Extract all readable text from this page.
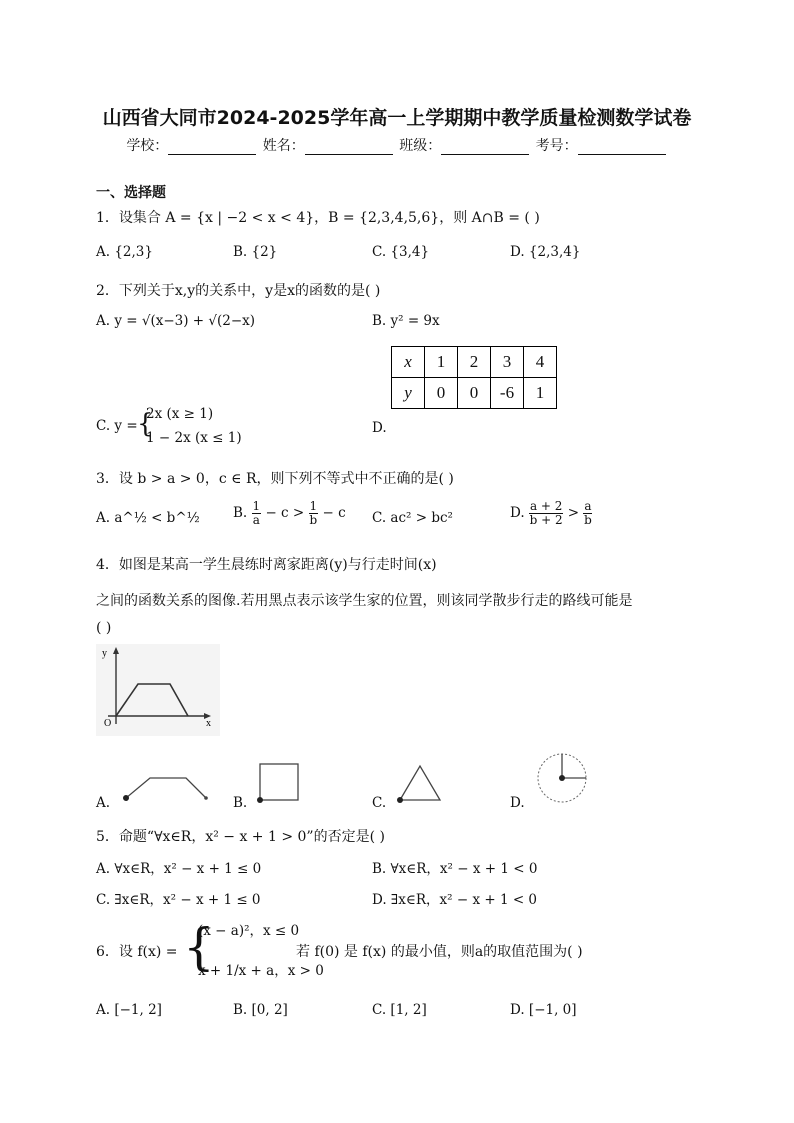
山西省大同市2024-2025学年高一上学期期中教学质量检测数学试卷
学校：	姓名：	班级：	考号：
一、选择题
1．设集合 A = {x | −2 < x < 4}，B = {2,3,4,5,6}，则 A∩B = ( )
A. {2,3}	B. {2}	C. {3,4}	D. {2,3,4}
2．下列关于x,y的关系中，y是x的函数的是( )
A. y = √(x−3) + √(2−x)	B. y² = 9x
x	1	2	3	4
y	0	0	-6	1
C. y = {
2x (x ≥ 1)
1 − 2x (x ≤ 1)
D.
3．设 b > a > 0，c ∈ R，则下列不等式中不正确的是( )
A. a^½ < b^½ B. $\frac{1}{a} - c > \frac{1}{b} - c$ C. ac² > bc²	D. $\frac{a + 2}{b + 2} > \frac{a}{b}$
4．如图是某高一学生晨练时离家距离(y)与行走时间(x)
之间的函数关系的图像.若用黑点表示该学生家的位置，则该同学散步行走的路线可能是
( )
y
x
O
A.	B.	C.	D.
5．命题“∀x∈R，x² − x + 1 > 0”的否定是( )
A. ∀x∈R，x² − x + 1 ≤ 0	B. ∀x∈R，x² − x + 1 < 0
C. ∃x∈R，x² − x + 1 ≤ 0	D. ∃x∈R，x² − x + 1 < 0
6．设 f(x) = {
(x − a)²，x ≤ 0
x + 1/x + a，x > 0
若 f(0) 是 f(x) 的最小值，则a的取值范围为( )
A. [−1, 2]	B. [0, 2]	C. [1, 2]	D. [−1, 0]
